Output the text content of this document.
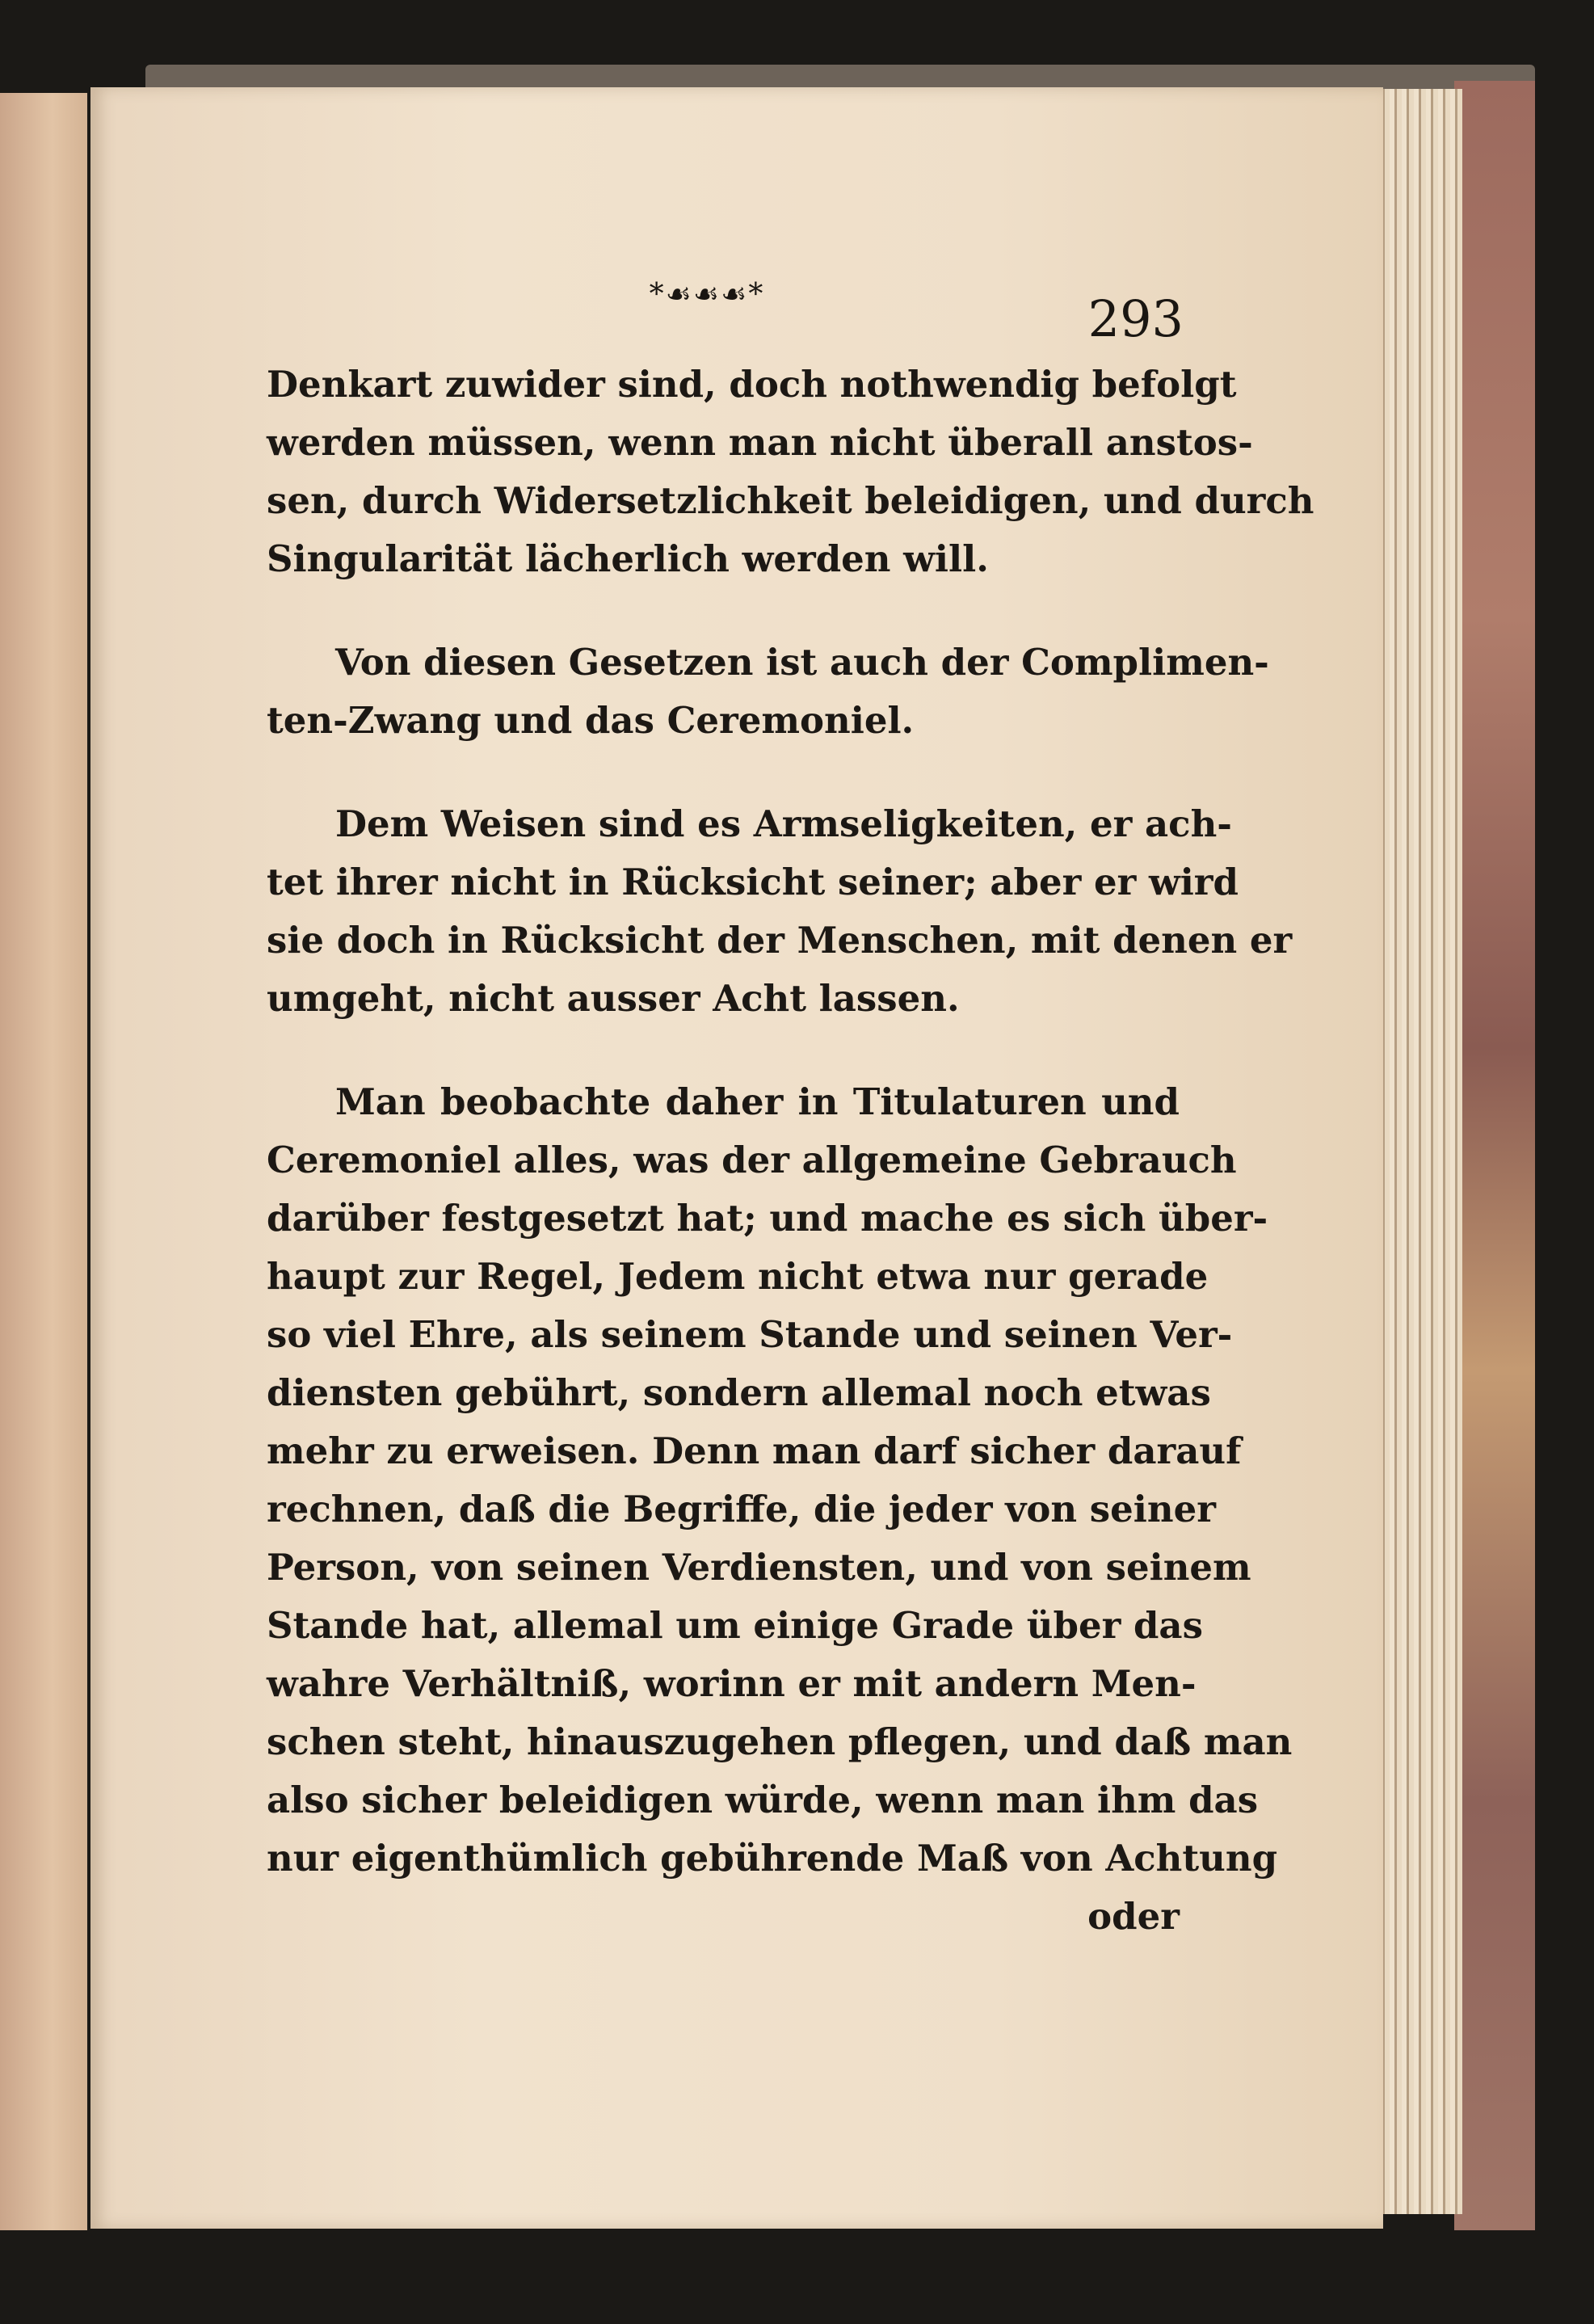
*☙☙☙*	293
Denkart zuwider sind, doch nothwendig befolgt
werden müssen, wenn man nicht überall anstos-
sen, durch Widersetzlichkeit beleidigen, und durch
Singularität lächerlich werden will.
Von diesen Gesetzen ist auch der Complimen-
ten-Zwang und das Ceremoniel.
Dem Weisen sind es Armseligkeiten, er ach-
tet ihrer nicht in Rücksicht seiner; aber er wird
sie doch in Rücksicht der Menschen, mit denen er
umgeht, nicht ausser Acht lassen.
Man beobachte daher in Titulaturen und
Ceremoniel alles, was der allgemeine Gebrauch
darüber festgesetzt hat; und mache es sich über-
haupt zur Regel, Jedem nicht etwa nur gerade
so viel Ehre, als seinem Stande und seinen Ver-
diensten gebührt, sondern allemal noch etwas
mehr zu erweisen. Denn man darf sicher darauf
rechnen, daß die Begriffe, die jeder von seiner
Person, von seinen Verdiensten, und von seinem
Stande hat, allemal um einige Grade über das
wahre Verhältniß, worinn er mit andern Men-
schen steht, hinauszugehen pflegen, und daß man
also sicher beleidigen würde, wenn man ihm das
nur eigenthümlich gebührende Maß von Achtung
oder
